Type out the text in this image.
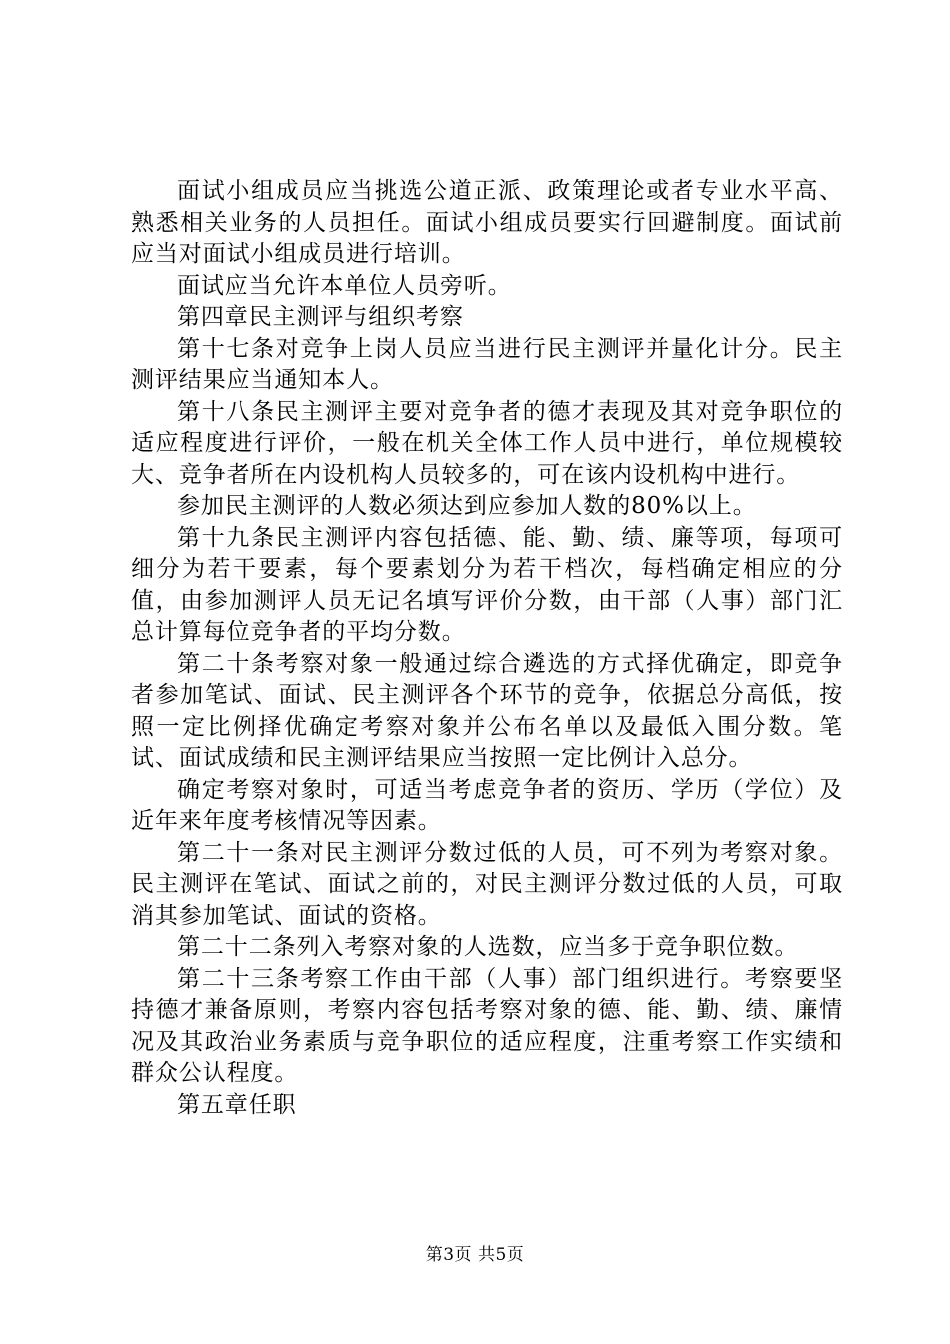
面试小组成员应当挑选公道正派、政策理论或者专业水平高、熟悉相关业务的人员担任。面试小组成员要实行回避制度。面试前应当对面试小组成员进行培训。

面试应当允许本单位人员旁听。

第四章民主测评与组织考察

第十七条对竞争上岗人员应当进行民主测评并量化计分。民主测评结果应当通知本人。

第十八条民主测评主要对竞争者的德才表现及其对竞争职位的适应程度进行评价，一般在机关全体工作人员中进行，单位规模较大、竞争者所在内设机构人员较多的，可在该内设机构中进行。

参加民主测评的人数必须达到应参加人数的80%以上。

第十九条民主测评内容包括德、能、勤、绩、廉等项，每项可细分为若干要素，每个要素划分为若干档次，每档确定相应的分值，由参加测评人员无记名填写评价分数，由干部（人事）部门汇总计算每位竞争者的平均分数。

第二十条考察对象一般通过综合遴选的方式择优确定，即竞争者参加笔试、面试、民主测评各个环节的竞争，依据总分高低，按照一定比例择优确定考察对象并公布名单以及最低入围分数。笔试、面试成绩和民主测评结果应当按照一定比例计入总分。

确定考察对象时，可适当考虑竞争者的资历、学历（学位）及近年来年度考核情况等因素。

第二十一条对民主测评分数过低的人员，可不列为考察对象。民主测评在笔试、面试之前的，对民主测评分数过低的人员，可取消其参加笔试、面试的资格。

第二十二条列入考察对象的人选数，应当多于竞争职位数。

第二十三条考察工作由干部（人事）部门组织进行。考察要坚持德才兼备原则，考察内容包括考察对象的德、能、勤、绩、廉情况及其政治业务素质与竞争职位的适应程度，注重考察工作实绩和群众公认程度。

第五章任职

第3页 共5页
